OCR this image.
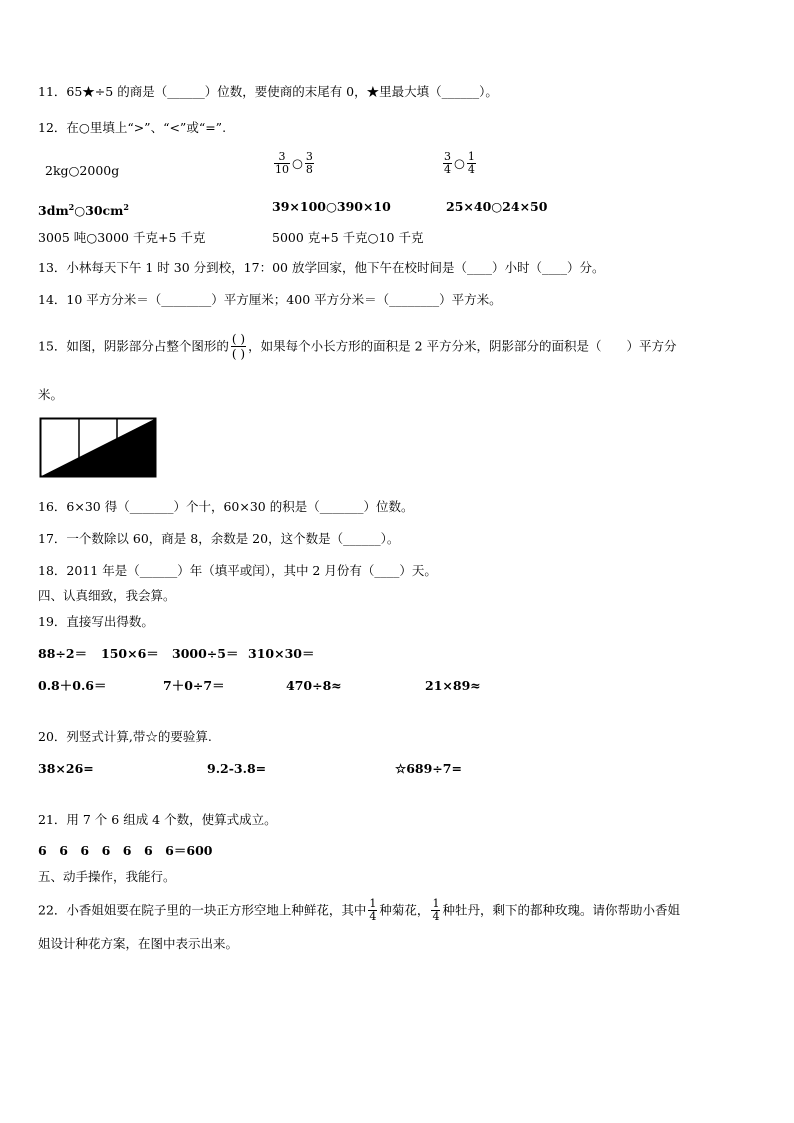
11．65★÷5 的商是（______）位数，要使商的末尾有 0，★里最大填（______）。
12．在○里填上“>”、“<”或“=”.
2kg○2000g	$\frac{3}{10}$ ○ $\frac{3}{8}$	$\frac{3}{4}$ ○ $\frac{1}{4}$
$3dm^2○30cm^2$	39×100○390×10	25×40○24×50
3005 吨○3000 千克+5 千克	5000 克+5 千克○10 千克
13．小林每天下午 1 时 30 分到校，17：00 放学回家，他下午在校时间是（____）小时（____）分。
14．10 平方分米＝（________）平方厘米；400 平方分米＝（________）平方米。
15．如图，阴影部分占整个图形的 $\frac{( )}{( )}$ ，如果每个小长方形的面积是 2 平方分米，阴影部分的面积是（　　）平方分
米。
16．6×30 得（_______）个十，60×30 的积是（_______）位数。
17．一个数除以 60，商是 8，余数是 20，这个数是（______）。
18．2011 年是（______）年（填平或闰），其中 2 月份有（____）天。
四、认真细致，我会算。
19．直接写出得数。
88÷2＝ 150×6＝ 3000÷5＝ 310×30＝
0.8＋0.6＝	7＋0÷7＝	470÷8≈	21×89≈
20．列竖式计算,带☆的要验算.
38×26=	9.2-3.8=	☆689÷7=
21．用 7 个 6 组成 4 个数，使算式成立。
6　6　6　6　6　6　6＝600
五、动手操作，我能行。
22．小香姐姐要在院子里的一块正方形空地上种鲜花，其中 $\frac{1}{4}$ 种菊花， $\frac{1}{4}$ 种牡丹，剩下的都种玫瑰。请你帮助小香姐
姐设计种花方案，在图中表示出来。
